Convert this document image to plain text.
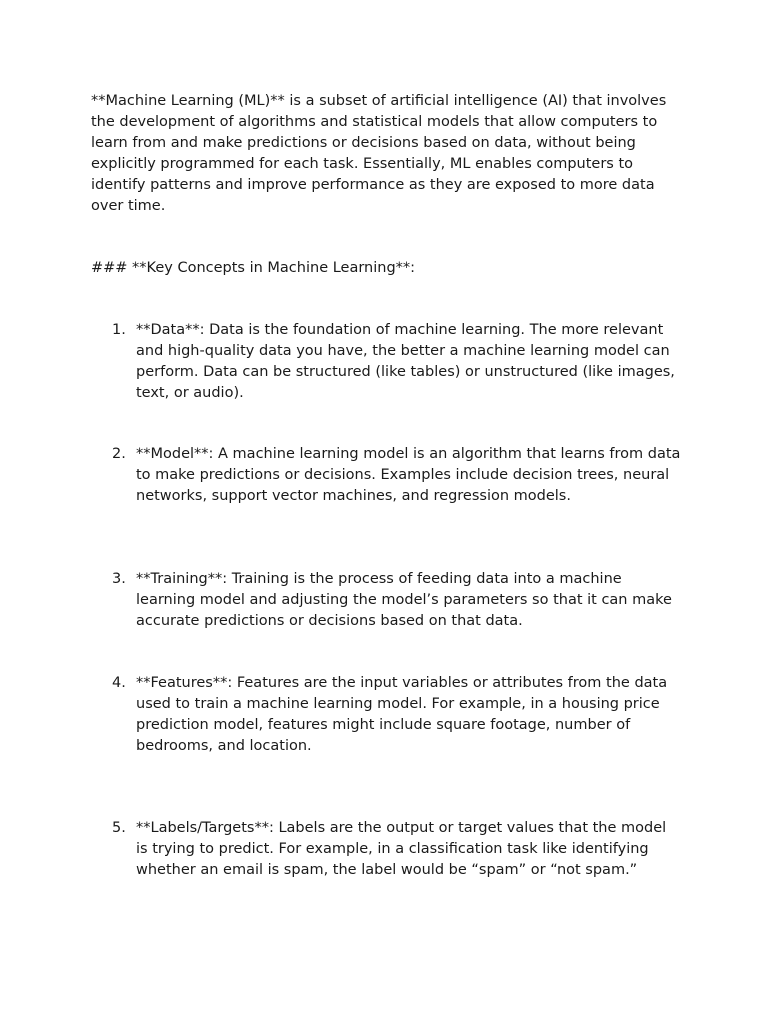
**Machine Learning (ML)** is a subset of artificial intelligence (AI) that involves the development of algorithms and statistical models that allow computers to learn from and make predictions or decisions based on data, without being explicitly programmed for each task. Essentially, ML enables computers to identify patterns and improve performance as they are exposed to more data over time.

### **Key Concepts in Machine Learning**:

1. **Data**: Data is the foundation of machine learning. The more relevant and high-quality data you have, the better a machine learning model can perform. Data can be structured (like tables) or unstructured (like images, text, or audio).

2. **Model**: A machine learning model is an algorithm that learns from data to make predictions or decisions. Examples include decision trees, neural networks, support vector machines, and regression models.

3. **Training**: Training is the process of feeding data into a machine learning model and adjusting the model’s parameters so that it can make accurate predictions or decisions based on that data.

4. **Features**: Features are the input variables or attributes from the data used to train a machine learning model. For example, in a housing price prediction model, features might include square footage, number of bedrooms, and location.

5. **Labels/Targets**: Labels are the output or target values that the model is trying to predict. For example, in a classification task like identifying whether an email is spam, the label would be “spam” or “not spam.”
